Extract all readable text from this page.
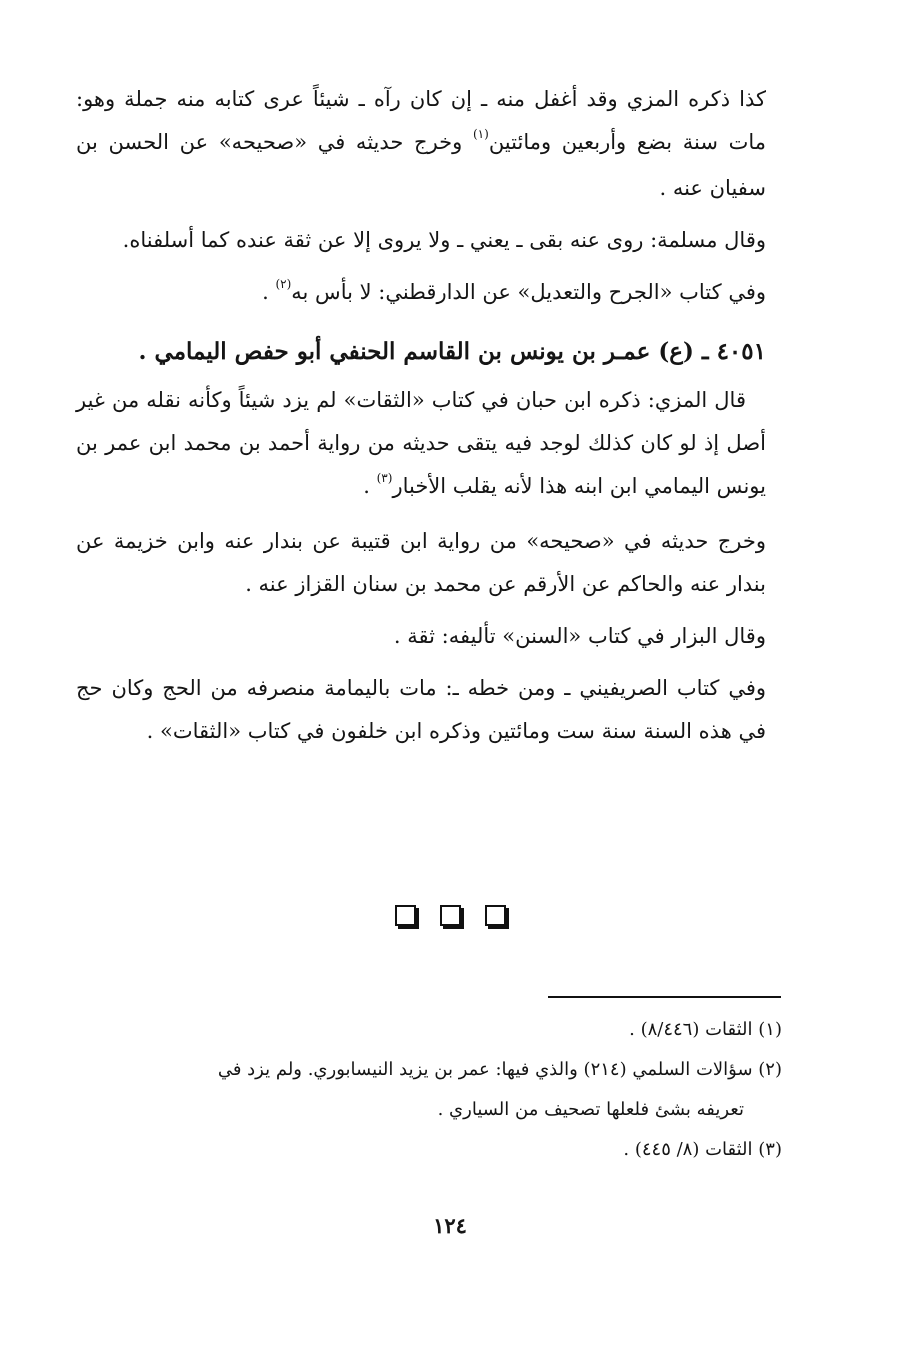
كذا ذكره المزي وقد أغفل منه ـ إن كان رآه ـ شيئاً عرى كتابه منه جملة وهو: مات سنة بضع وأربعين ومائتين$^{(١)}$ وخرج حديثه في «صحيحه» عن الحسن بن سفيان عنه .

وقال مسلمة: روى عنه بقى ـ يعني ـ ولا يروى إلا عن ثقة عنده كما أسلفناه.

وفي كتاب «الجرح والتعديل» عن الدارقطني: لا بأس به$^{(٢)}$ .

٤٠٥١ ـ (ع) عمـر بن يونس بن القاسم الحنفي أبو حفص اليمامي .

قال المزي: ذكره ابن حبان في كتاب «الثقات» لم يزد شيئاً وكأنه نقله من غير أصل إذ لو كان كذلك لوجد فيه يتقى حديثه من رواية أحمد بن محمد ابن عمر بن يونس اليمامي ابن ابنه هذا لأنه يقلب الأخبار$^{(٣)}$ .

وخرج حديثه في «صحيحه» من رواية ابن قتيبة عن بندار عنه وابن خزيمة عن بندار عنه والحاكم عن الأرقم عن محمد بن سنان القزاز عنه .

وقال البزار في كتاب «السنن» تأليفه: ثقة .

وفي كتاب الصريفيني ـ ومن خطه ـ: مات باليمامة منصرفه من الحج وكان حج في هذه السنة سنة ست ومائتين وذكره ابن خلفون في كتاب «الثقات» .

(١) الثقات (٨/٤٤٦) .

(٢) سؤالات السلمي (٢١٤) والذي فيها: عمر بن يزيد النيسابوري. ولم يزد في
تعريفه بشئ فلعلها تصحيف من السياري .

(٣) الثقات (٨/ ٤٤٥) .

١٢٤
